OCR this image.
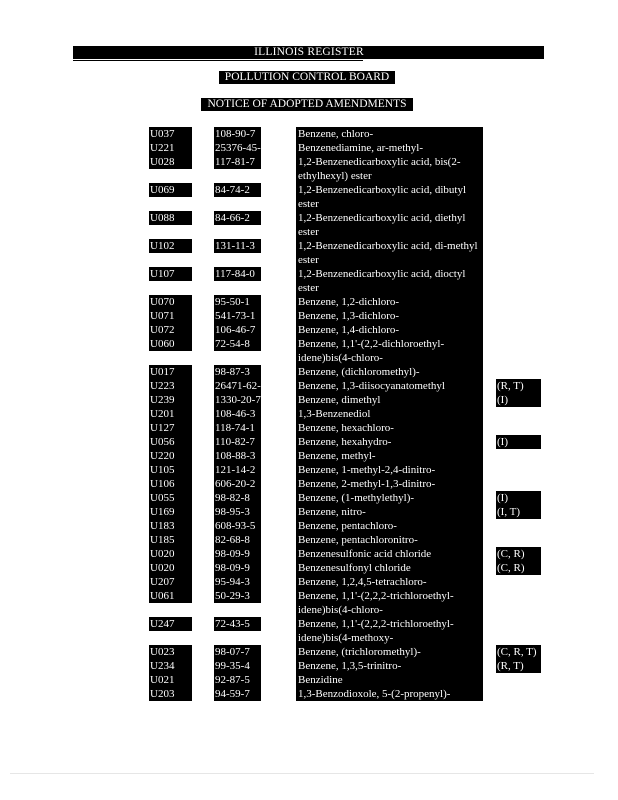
ILLINOIS REGISTER
POLLUTION CONTROL BOARD
NOTICE OF ADOPTED AMENDMENTS
U037	108-90-7	Benzene, chloro-
U221	25376-45-8	Benzenediamine, ar-methyl-
U028	117-81-7	1,2-Benzenedicarboxylic acid, bis(2-ethylhexyl) ester
U069	84-74-2	1,2-Benzenedicarboxylic acid, dibutyl ester
U088	84-66-2	1,2-Benzenedicarboxylic acid, diethyl ester
U102	131-11-3	1,2-Benzenedicarboxylic acid, di-methyl ester
U107	117-84-0	1,2-Benzenedicarboxylic acid, dioctyl ester
U070	95-50-1	Benzene, 1,2-dichloro-
U071	541-73-1	Benzene, 1,3-dichloro-
U072	106-46-7	Benzene, 1,4-dichloro-
U060	72-54-8	Benzene, 1,1'-(2,2-dichloroethyl-idene)bis(4-chloro-
U017	98-87-3	Benzene, (dichloromethyl)-
U223	26471-62-5	Benzene, 1,3-diisocyanatomethyl	(R, T)
U239	1330-20-7	Benzene, dimethyl	(I)
U201	108-46-3	1,3-Benzenediol
U127	118-74-1	Benzene, hexachloro-
U056	110-82-7	Benzene, hexahydro-	(I)
U220	108-88-3	Benzene, methyl-
U105	121-14-2	Benzene, 1-methyl-2,4-dinitro-
U106	606-20-2	Benzene, 2-methyl-1,3-dinitro-
U055	98-82-8	Benzene, (1-methylethyl)-	(I)
U169	98-95-3	Benzene, nitro-	(I, T)
U183	608-93-5	Benzene, pentachloro-
U185	82-68-8	Benzene, pentachloronitro-
U020	98-09-9	Benzenesulfonic acid chloride	(C, R)
U020	98-09-9	Benzenesulfonyl chloride	(C, R)
U207	95-94-3	Benzene, 1,2,4,5-tetrachloro-
U061	50-29-3	Benzene, 1,1'-(2,2,2-trichloroethyl-idene)bis(4-chloro-
U247	72-43-5	Benzene, 1,1'-(2,2,2-trichloroethyl-idene)bis(4-methoxy-
U023	98-07-7	Benzene, (trichloromethyl)-	(C, R, T)
U234	99-35-4	Benzene, 1,3,5-trinitro-	(R, T)
U021	92-87-5	Benzidine
U203	94-59-7	1,3-Benzodioxole, 5-(2-propenyl)-
